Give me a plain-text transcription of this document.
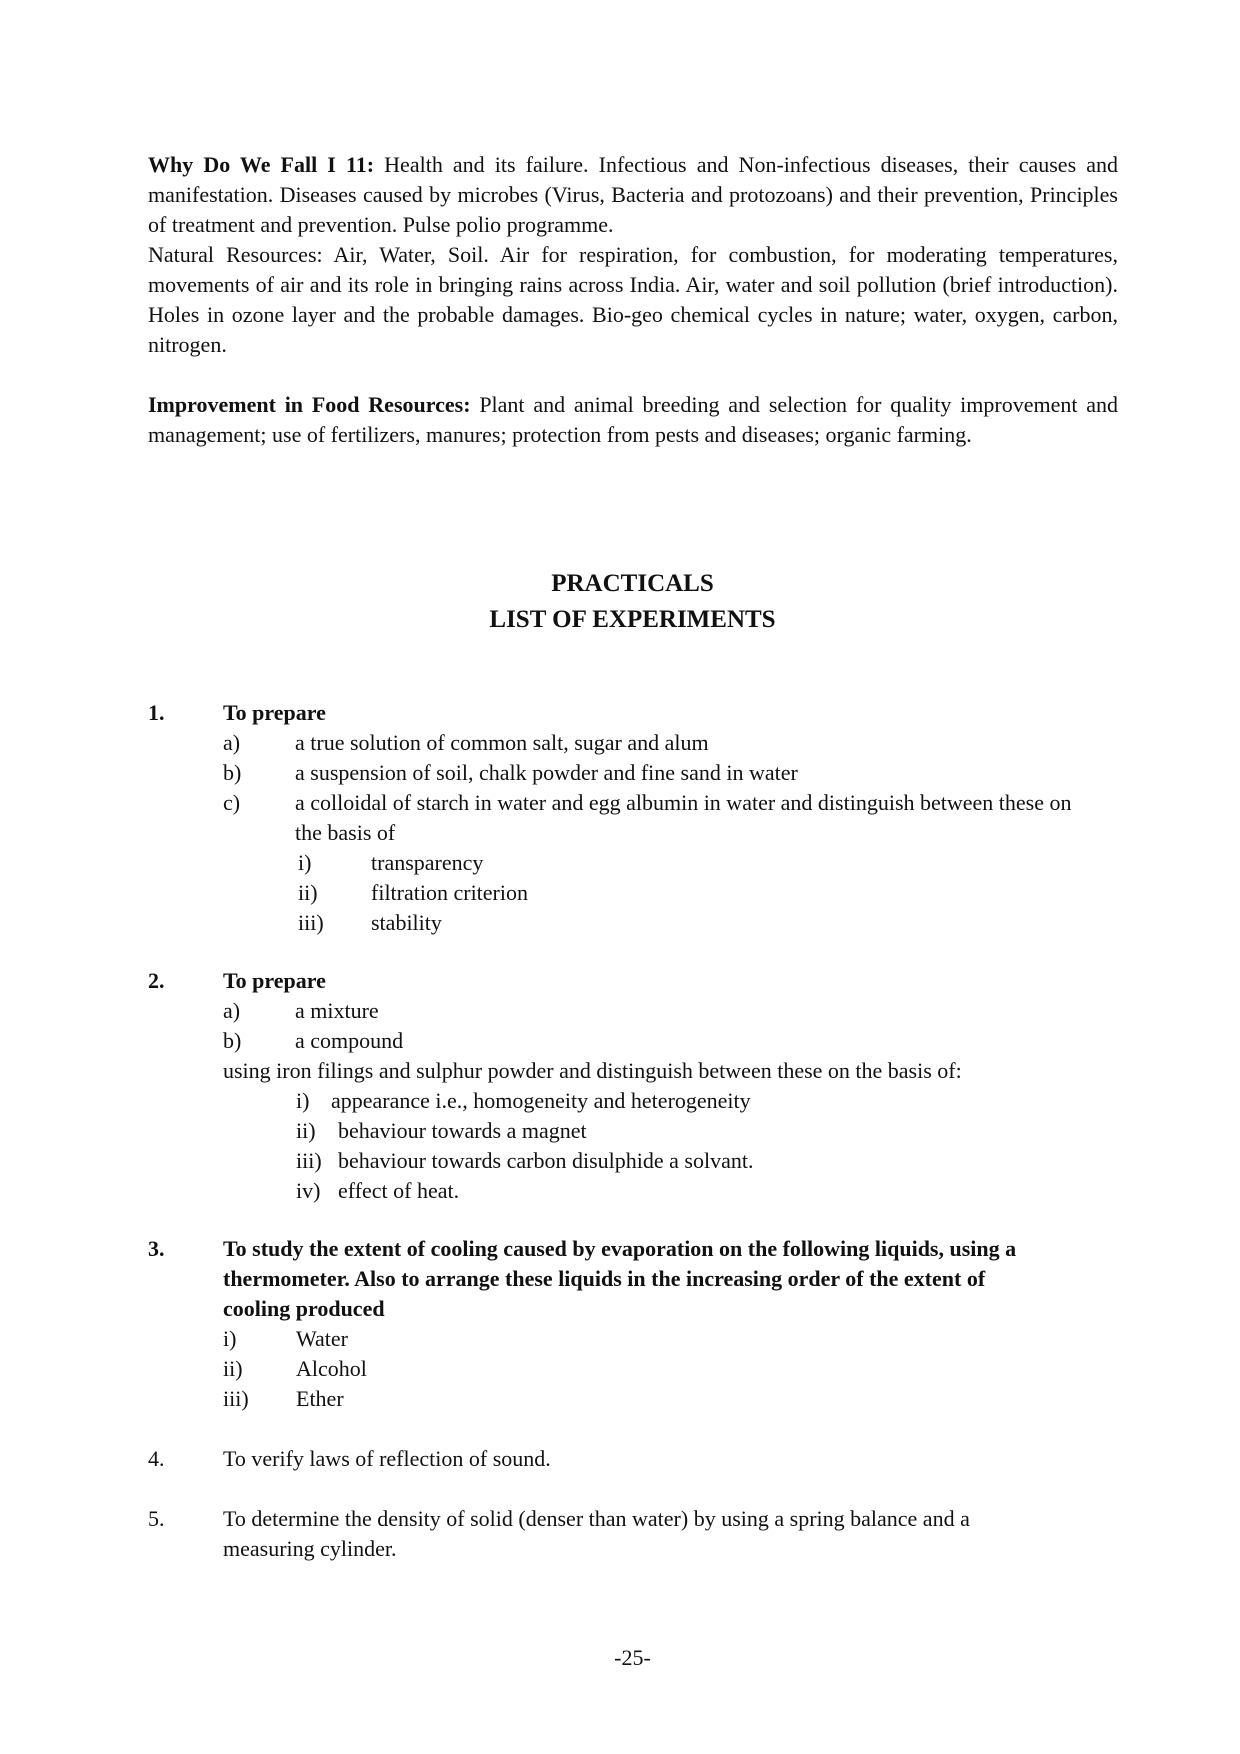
Why Do We Fall I 11: Health and its failure. Infectious and Non-infectious diseases, their causes and manifestation. Diseases caused by microbes (Virus, Bacteria and protozoans) and their prevention, Principles of treatment and prevention. Pulse polio programme.
Natural Resources: Air, Water, Soil. Air for respiration, for combustion, for moderating temperatures, movements of air and its role in bringing rains across India. Air, water and soil pollution (brief introduction). Holes in ozone layer and the probable damages. Bio-geo chemical cycles in nature; water, oxygen, carbon, nitrogen.
Improvement in Food Resources: Plant and animal breeding and selection for quality improvement and management; use of fertilizers, manures; protection from pests and diseases; organic farming.
PRACTICALS
LIST OF EXPERIMENTS
1.	To prepare
a) a true solution of common salt, sugar and alum
b) a suspension of soil, chalk powder and fine sand in water
c) a colloidal of starch in water and egg albumin in water and distinguish between these on
the basis of
i)	transparency
ii) filtration criterion
iii) stability
2.	To prepare
a) a mixture
b) a compound
using iron filings and sulphur powder and distinguish between these on the basis of:
i) appearance i.e., homogeneity and heterogeneity
ii) behaviour towards a magnet
iii) behaviour towards carbon disulphide a solvant.
iv) effect of heat.
3.	To study the extent of cooling caused by evaporation on the following liquids, using a
thermometer. Also to arrange these liquids in the increasing order of the extent of
cooling produced
i)	Water
ii) Alcohol
iii) Ether
4.	To verify laws of reflection of sound.
5.	To determine the density of solid (denser than water) by using a spring balance and a
measuring cylinder.
-25-
